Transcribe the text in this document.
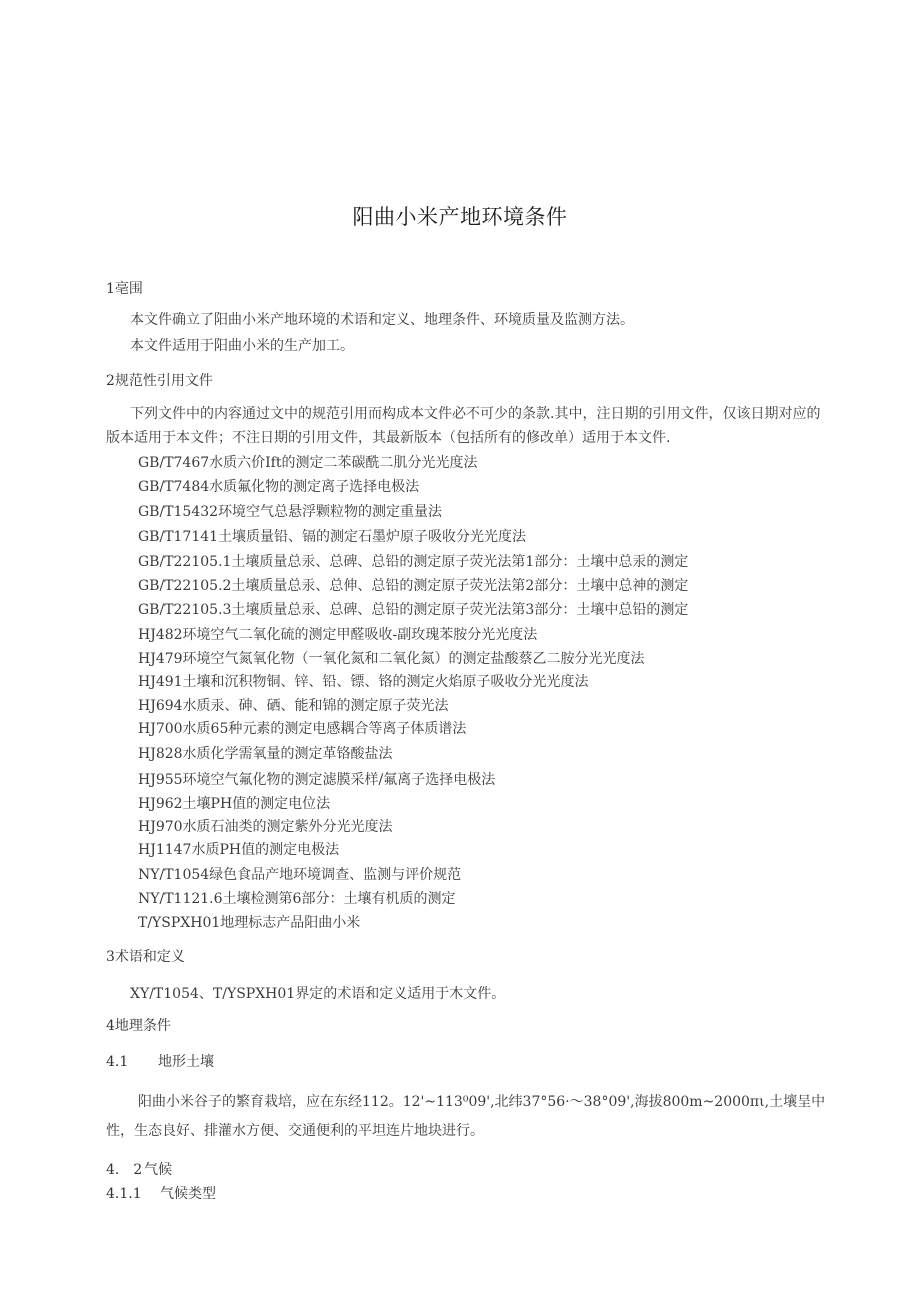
阳曲小米产地环境条件
1亳围
本文件确立了阳曲小米产地环境的术语和定义、地理条件、环境质量及监测方法。
本文件适用于阳曲小米的生产加工。
2规范性引用文件

下列文件中的内容通过文中的规范引用而构成本文件必不可少的条款.其中，注日期的引用文件，仅该日期对应的版本适用于本文件；不注日期的引用文件，其最新版本（包括所有的修改单）适用于本文件.

GB/T7467水质六价Ift的测定二苯碳酰二肌分光光度法
GB/T7484水质氟化物的测定离子选择电极法
GB/T15432环境空气总悬浮颗粒物的测定重量法
GB/T17141土壤质量铅、镉的测定石墨炉原子吸收分光光度法
GB/T22105.1土壤质量总汞、总碑、总铅的测定原子荧光法第1部分：土壤中总汞的测定
GB/T22105.2土壤质量总汞、总伸、总铅的测定原子荧光法第2部分：土壤中总神的测定
GB/T22105.3土壤质量总汞、总碑、总铅的测定原子荧光法第3部分：土壤中总铅的测定
HJ482环境空气二氧化硫的测定甲醛吸收-副玫瑰苯胺分光光度法
HJ479环境空气氮氧化物（一氧化氮和二氧化氮）的测定盐酸蔡乙二胺分光光度法
HJ491土壤和沉积物铜、锌、铅、镖、铬的测定火焰原子吸收分光光度法
HJ694水质汞、砷、硒、能和锦的测定原子荧光法
HJ700水质65种元素的测定电感耦合等离子体质谱法
HJ828水质化学需氧量的测定革铬酸盐法
HJ955环境空气氟化物的测定滤膜采样/氟离子选择电极法
HJ962土壤PH值的测定电位法
HJ970水质石油类的测定紫外分光光度法
HJ1147水质PH值的测定电极法
NY/T1054绿色食品产地环境调查、监测与评价规范
NY/T1121.6土壤检测第6部分：土壤有机质的测定
T/YSPXH01地理标志产品阳曲小米
3术语和定义
XY/T1054、T/YSPXH01界定的术语和定义适用于木文件。
4地理条件
4.1 地形土壤

阳曲小米谷子的繁育栽培，应在东经112。12'~113⁰09',北纬37°56·～38°09',海拔800m~2000πι,土壤呈中性，生态良好、排灌水方便、交通便利的平坦连片地块进行。

4.　2 气候
4.1.1 气候类型
